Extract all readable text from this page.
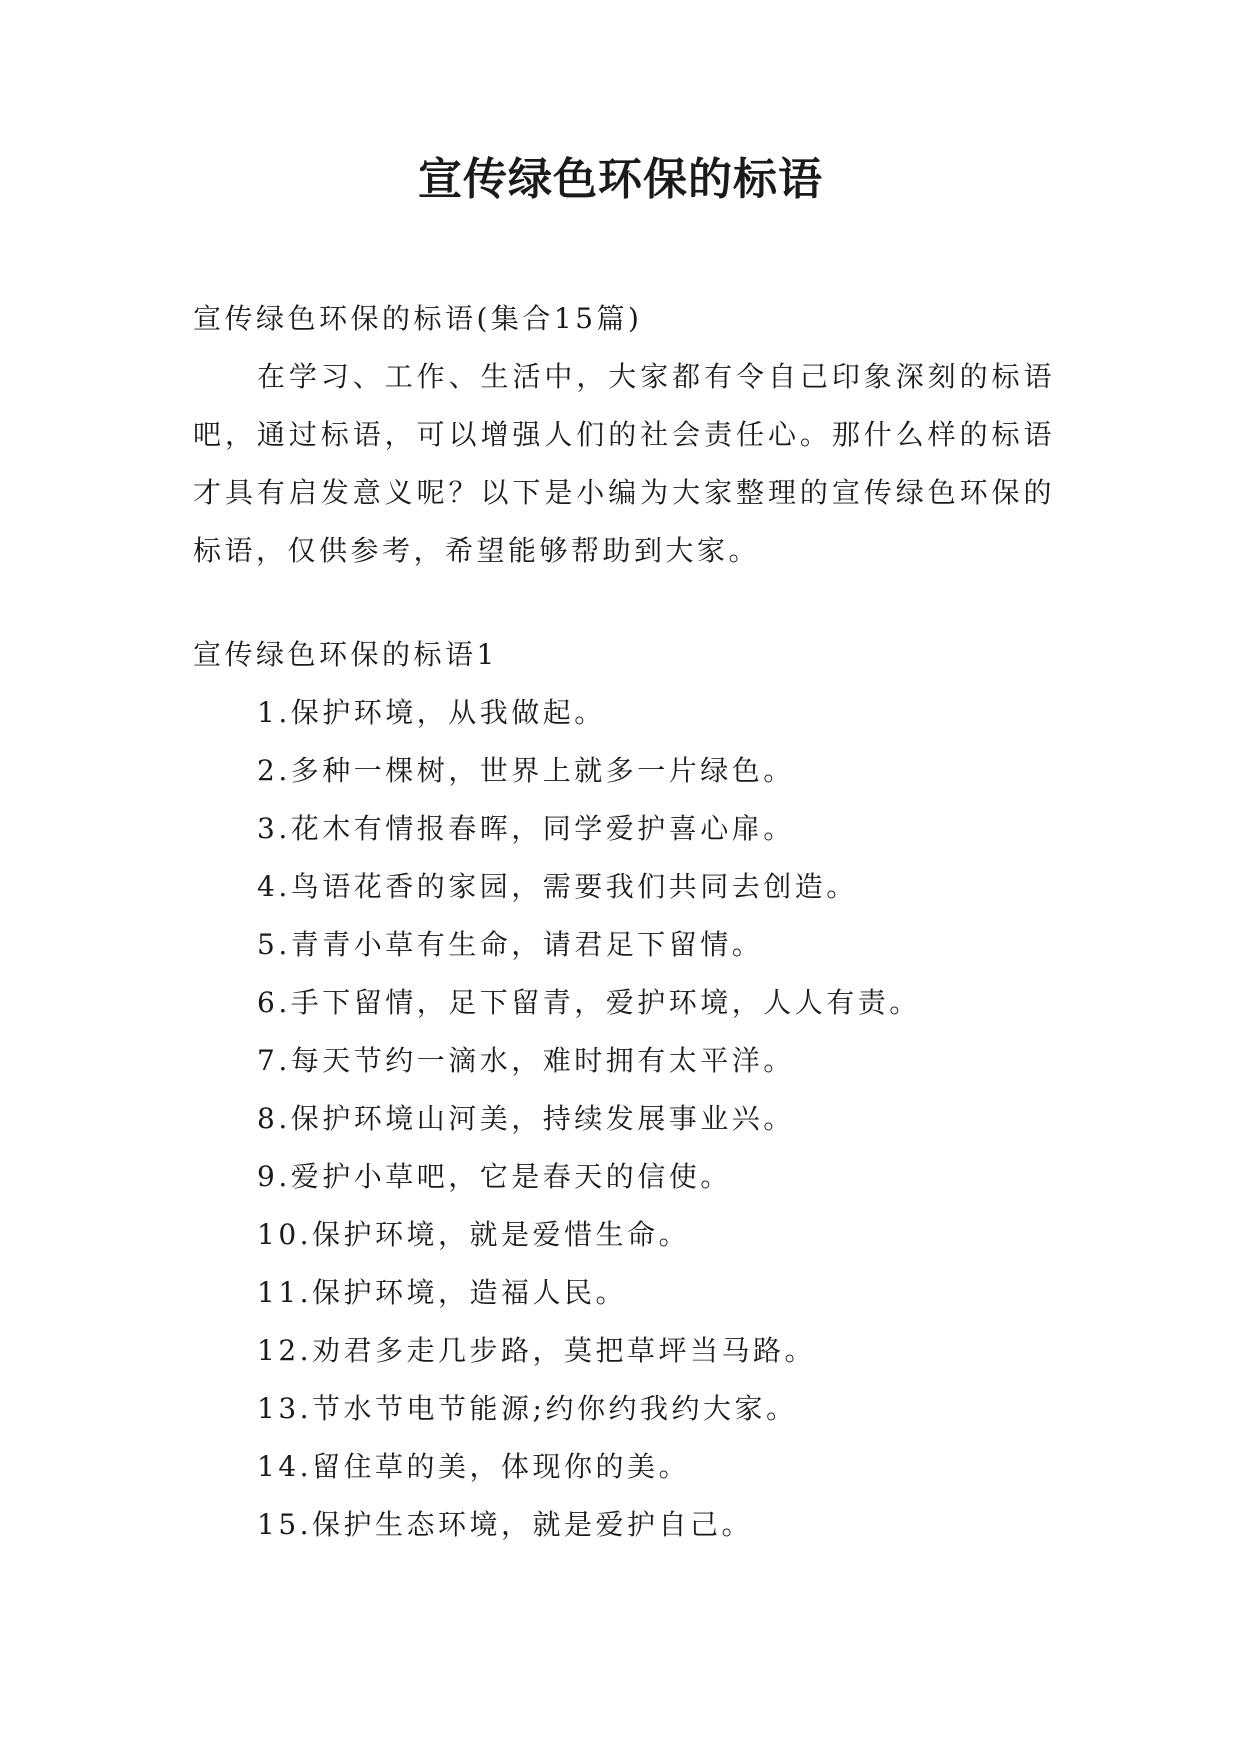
宣传绿色环保的标语
宣传绿色环保的标语(集合15篇)
在学习、工作、生活中，大家都有令自己印象深刻的标语吧，通过标语，可以增强人们的社会责任心。那什么样的标语才具有启发意义呢？以下是小编为大家整理的宣传绿色环保的标语，仅供参考，希望能够帮助到大家。
宣传绿色环保的标语1
1.保护环境，从我做起。
2.多种一棵树，世界上就多一片绿色。
3.花木有情报春晖，同学爱护喜心扉。
4.鸟语花香的家园，需要我们共同去创造。
5.青青小草有生命，请君足下留情。
6.手下留情，足下留青，爱护环境，人人有责。
7.每天节约一滴水，难时拥有太平洋。
8.保护环境山河美，持续发展事业兴。
9.爱护小草吧，它是春天的信使。
10.保护环境，就是爱惜生命。
11.保护环境，造福人民。
12.劝君多走几步路，莫把草坪当马路。
13.节水节电节能源;约你约我约大家。
14.留住草的美，体现你的美。
15.保护生态环境，就是爱护自己。
